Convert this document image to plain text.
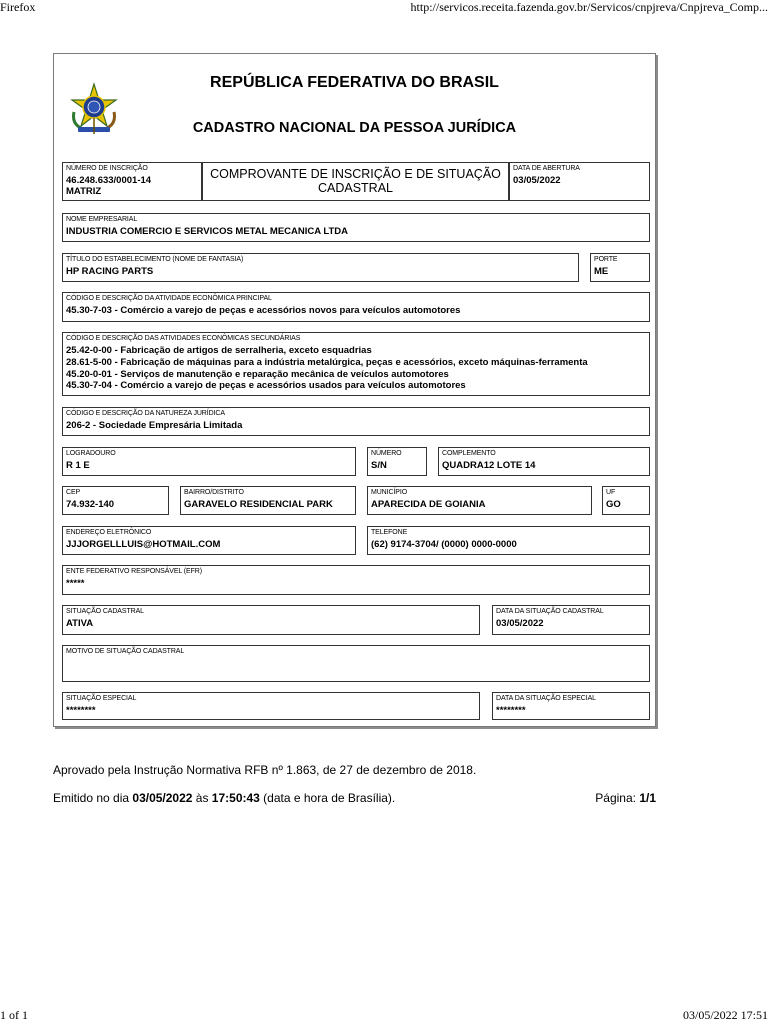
Firefox	http://servicos.receita.fazenda.gov.br/Servicos/cnpjreva/Cnpjreva_Comp...
REPÚBLICA FEDERATIVA DO BRASIL
CADASTRO NACIONAL DA PESSOA JURÍDICA
NÚMERO DE INSCRIÇÃO
46.248.633/0001-14
MATRIZ
COMPROVANTE DE INSCRIÇÃO E DE SITUAÇÃO CADASTRAL
DATA DE ABERTURA
03/05/2022
NOME EMPRESARIAL
INDUSTRIA COMERCIO E SERVICOS METAL MECANICA LTDA
TÍTULO DO ESTABELECIMENTO (NOME DE FANTASIA)
HP RACING PARTS
PORTE
ME
CÓDIGO E DESCRIÇÃO DA ATIVIDADE ECONÔMICA PRINCIPAL
45.30-7-03 - Comércio a varejo de peças e acessórios novos para veículos automotores
CÓDIGO E DESCRIÇÃO DAS ATIVIDADES ECONÔMICAS SECUNDÁRIAS
25.42-0-00 - Fabricação de artigos de serralheria, exceto esquadrias
28.61-5-00 - Fabricação de máquinas para a indústria metalúrgica, peças e acessórios, exceto máquinas-ferramenta
45.20-0-01 - Serviços de manutenção e reparação mecânica de veículos automotores
45.30-7-04 - Comércio a varejo de peças e acessórios usados para veículos automotores
CÓDIGO E DESCRIÇÃO DA NATUREZA JURÍDICA
206-2 - Sociedade Empresária Limitada
LOGRADOURO
R 1 E
NÚMERO
S/N
COMPLEMENTO
QUADRA12 LOTE 14
CEP
74.932-140
BAIRRO/DISTRITO
GARAVELO RESIDENCIAL PARK
MUNICÍPIO
APARECIDA DE GOIANIA
UF
GO
ENDEREÇO ELETRÔNICO
JJJORGELLLUIS@HOTMAIL.COM
TELEFONE
(62) 9174-3704/ (0000) 0000-0000
ENTE FEDERATIVO RESPONSÁVEL (EFR)
*****
SITUAÇÃO CADASTRAL
ATIVA
DATA DA SITUAÇÃO CADASTRAL
03/05/2022
MOTIVO DE SITUAÇÃO CADASTRAL
SITUAÇÃO ESPECIAL
********
DATA DA SITUAÇÃO ESPECIAL
********
Aprovado pela Instrução Normativa RFB nº 1.863, de 27 de dezembro de 2018.
Emitido no dia 03/05/2022 às 17:50:43 (data e hora de Brasília).	Página: 1/1
1 of 1	03/05/2022 17:51
